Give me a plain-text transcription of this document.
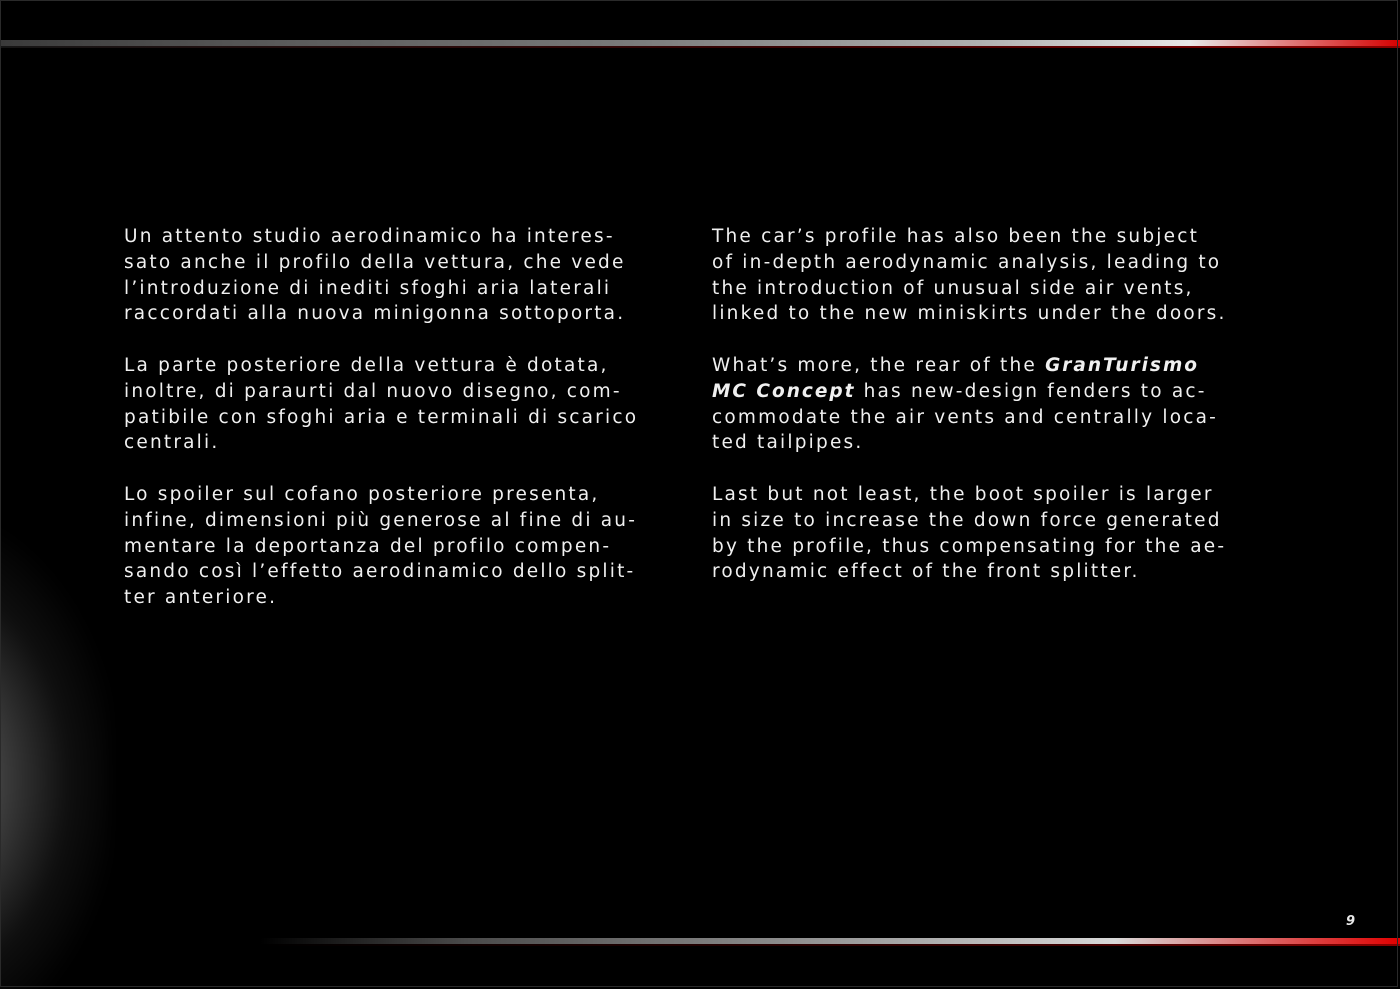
Un attento studio aerodinamico ha interes-
sato anche il profilo della vettura, che vede
l’introduzione di inediti sfoghi aria laterali
raccordati alla nuova minigonna sottoporta.

La parte posteriore della vettura è dotata,
inoltre, di paraurti dal nuovo disegno, com-
patibile con sfoghi aria e terminali di scarico
centrali.

Lo spoiler sul cofano posteriore presenta,
infine, dimensioni più generose al fine di au-
mentare la deportanza del profilo compen-
sando così l’effetto aerodinamico dello split-
ter anteriore.

The car’s profile has also been the subject
of in-depth aerodynamic analysis, leading to
the introduction of unusual side air vents,
linked to the new miniskirts under the doors.

What’s more, the rear of the GranTurismo
MC Concept has new-design fenders to ac-
commodate the air vents and centrally loca-
ted tailpipes.

Last but not least, the boot spoiler is larger
in size to increase the down force generated
by the profile, thus compensating for the ae-
rodynamic effect of the front splitter.

9
